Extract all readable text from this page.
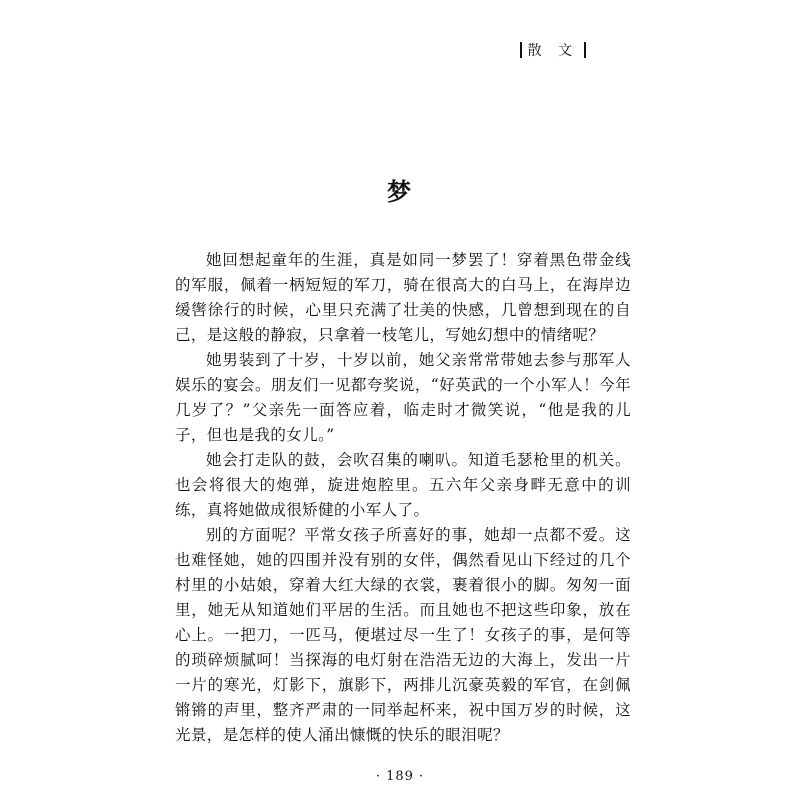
散 文
梦

她回想起童年的生涯，真是如同一梦罢了！穿着黑色带金线的军服，佩着一柄短短的军刀，骑在很高大的白马上，在海岸边缓辔徐行的时候，心里只充满了壮美的快感，几曾想到现在的自己，是这般的静寂，只拿着一枝笔儿，写她幻想中的情绪呢？

她男装到了十岁，十岁以前，她父亲常常带她去参与那军人娱乐的宴会。朋友们一见都夸奖说，“好英武的一个小军人！今年几岁了？”父亲先一面答应着，临走时才微笑说，“他是我的儿子，但也是我的女儿。”

她会打走队的鼓，会吹召集的喇叭。知道毛瑟枪里的机关。也会将很大的炮弹，旋进炮腔里。五六年父亲身畔无意中的训练，真将她做成很矫健的小军人了。

别的方面呢？平常女孩子所喜好的事，她却一点都不爱。这也难怪她，她的四围并没有别的女伴，偶然看见山下经过的几个村里的小姑娘，穿着大红大绿的衣裳，裹着很小的脚。匆匆一面里，她无从知道她们平居的生活。而且她也不把这些印象，放在心上。一把刀，一匹马，便堪过尽一生了！女孩子的事，是何等的琐碎烦腻呵！当探海的电灯射在浩浩无边的大海上，发出一片一片的寒光，灯影下，旗影下，两排儿沉豪英毅的军官，在剑佩锵锵的声里，整齐严肃的一同举起杯来，祝中国万岁的时候，这光景，是怎样的使人涌出慷慨的快乐的眼泪呢？

· 189 ·
